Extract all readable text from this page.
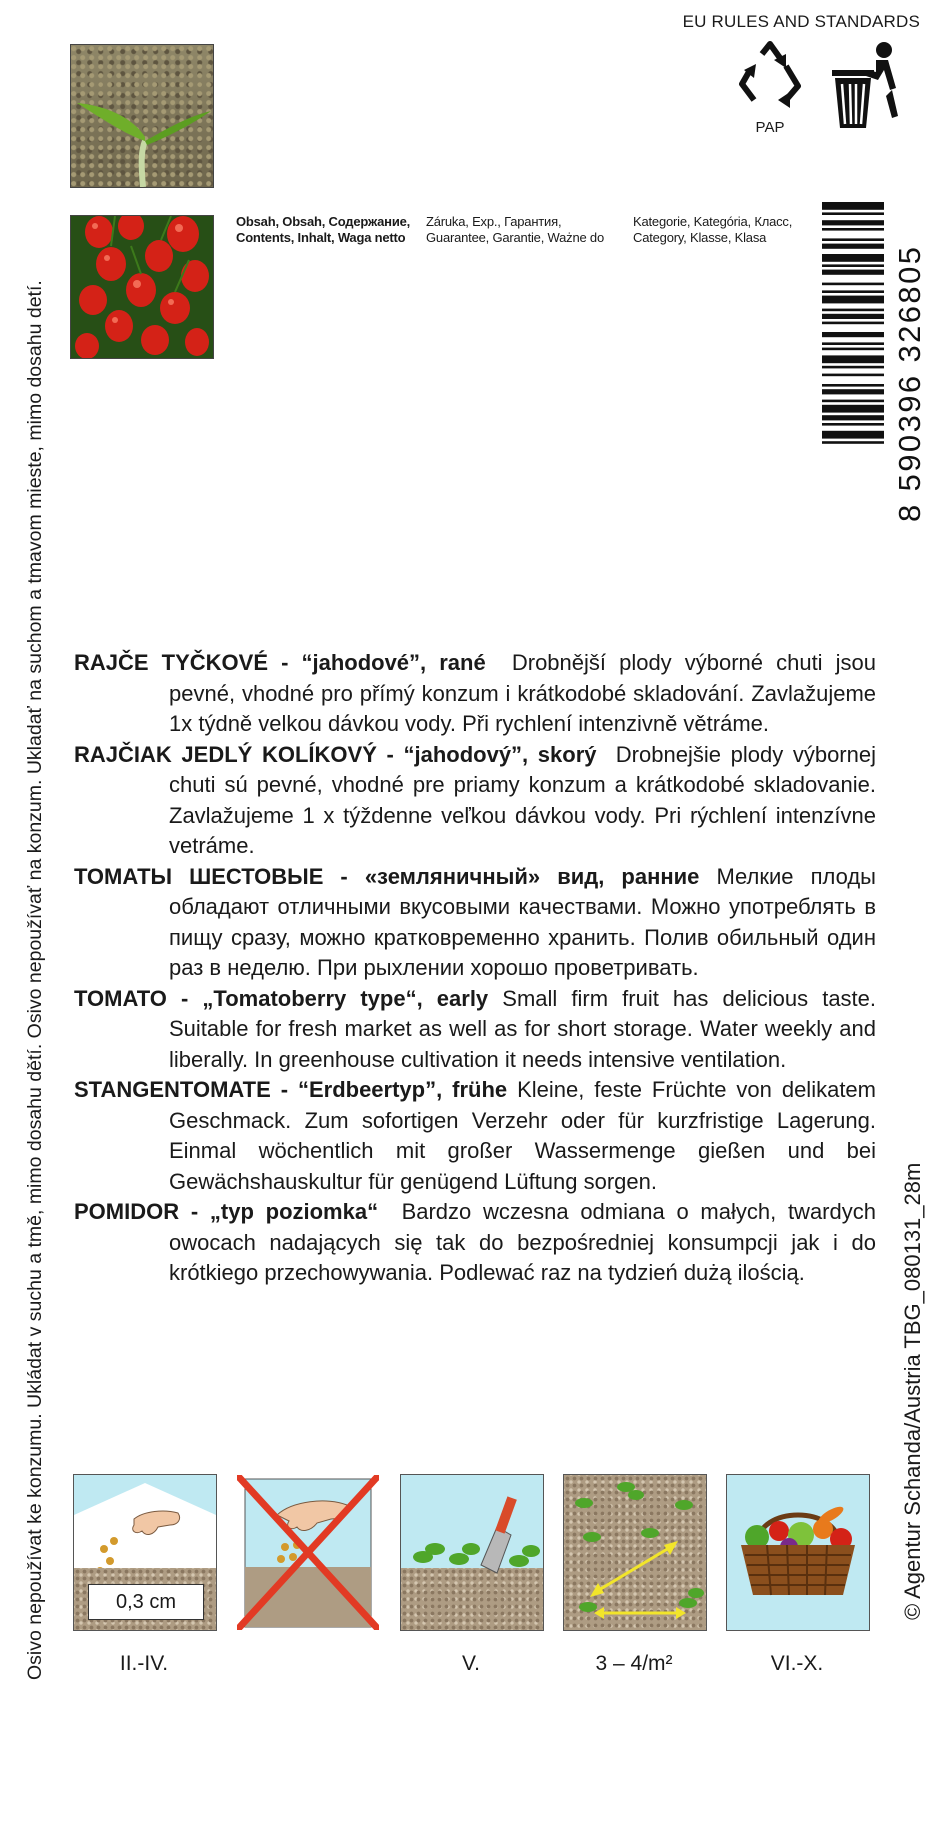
Osivo nepoužívat ke konzumu. Ukládat v suchu a tmě, mimo dosahu dětí. Osivo nepoužívať na konzum. Ukladať na suchom a tmavom mieste, mimo dosahu detí.	© Agentur Schanda/Austria TBG_080131_28m
EU RULES AND STANDARDS
PAP
Obsah, Obsah, Содержание,
Contents, Inhalt, Waga netto
Záruka, Exp., Гарантия,
Guarantee, Garantie, Ważne do
Kategorie, Kategória, Класс,
Category, Klasse, Klasa
8 590396 326805

RAJČE TYČKOVÉ - “jahodové”, rané Drobnější plody výborné chuti jsou pevné, vhodné pro přímý konzum i krátkodobé skladování. Zavlažujeme 1x týdně velkou dávkou vody. Při rychlení intenzivně větráme.

RAJČIAK JEDLÝ KOLÍKOVÝ - “jahodový”, skorý Drobnejšie plody výbornej chuti sú pevné, vhodné pre priamy konzum a krátkodobé skladovanie. Zavlažujeme 1 x týždenne veľkou dávkou vody. Pri rýchlení intenzívne vetráme.

ТОМАТЫ ШЕСТОВЫЕ - «земляничный» вид, ранние Мелкие плоды обладают отличными вкусовыми качествами. Можно употреблять в пищу сразу, можно кратковременно хранить. Полив обильный один раз в неделю. При рыхлении хорошо проветривать.

TOMATO - „Tomatoberry type“, early Small firm fruit has delicious taste. Suitable for fresh market as well as for short storage. Water weekly and liberally. In greenhouse cultivation it needs intensive ventilation.

STANGENTOMATE - “Erdbeertyp”, frühe Kleine, feste Früchte von delikatem Geschmack. Zum sofortigen Verzehr oder für kurzfristige Lagerung. Einmal wöchentlich mit großer Wassermenge gießen und bei Gewächshauskultur für genügend Lüftung sorgen.

POMIDOR - „typ poziomka“ Bardzo wczesna odmiana o małych, twardych owocach nadających się tak do bezpośredniej konsumpcji jak i do krótkiego przechowywania. Podlewać raz na tydzień dużą ilością.

0,3 cm
II.-IV.	V.	3 – 4/m²	VI.-X.
